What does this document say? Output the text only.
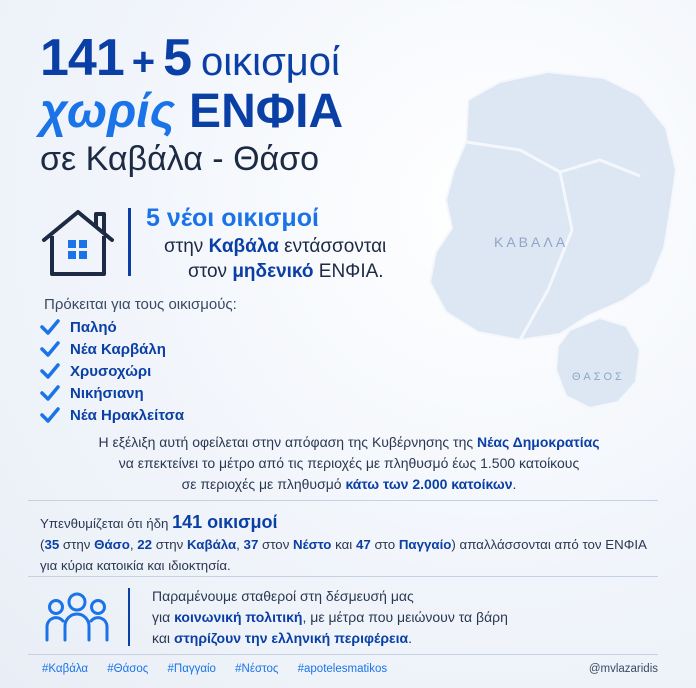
ΚΑΒΑΛΑ
ΘΑΣΟΣ
141 + 5 οικισμοί
χωρίς ΕΝΦΙΑ
σε Καβάλα - Θάσο
5 νέοι οικισμοί
στην Καβάλα εντάσσονται
στον μηδενικό ΕΝΦΙΑ.
Πρόκειται για τους οικισμούς:
Παληό
Νέα Καρβάλη
Χρυσοχώρι
Νικήσιανη
Νέα Ηρακλείτσα
Η εξέλιξη αυτή οφείλεται στην απόφαση της Κυβέρνησης της Νέας Δημοκρατίας
να επεκτείνει το μέτρο από τις περιοχές με πληθυσμό έως 1.500 κατοίκους
σε περιοχές με πληθυσμό κάτω των 2.000 κατοίκων.
Υπενθυμίζεται ότι ήδη 141 οικισμοί
(35 στην Θάσο, 22 στην Καβάλα, 37 στον Νέστο και 47 στο Παγγαίο) απαλλάσσονται από τον ΕΝΦΙΑ
για κύρια κατοικία και ιδιοκτησία.
Παραμένουμε σταθεροί στη δέσμευσή μας
για κοινωνική πολιτική, με μέτρα που μειώνουν τα βάρη
και στηρίζουν την ελληνική περιφέρεια.
#Καβάλα #Θάσος #Παγγαίο #Νέστος #apotelesmatikos	@mvlazaridis
